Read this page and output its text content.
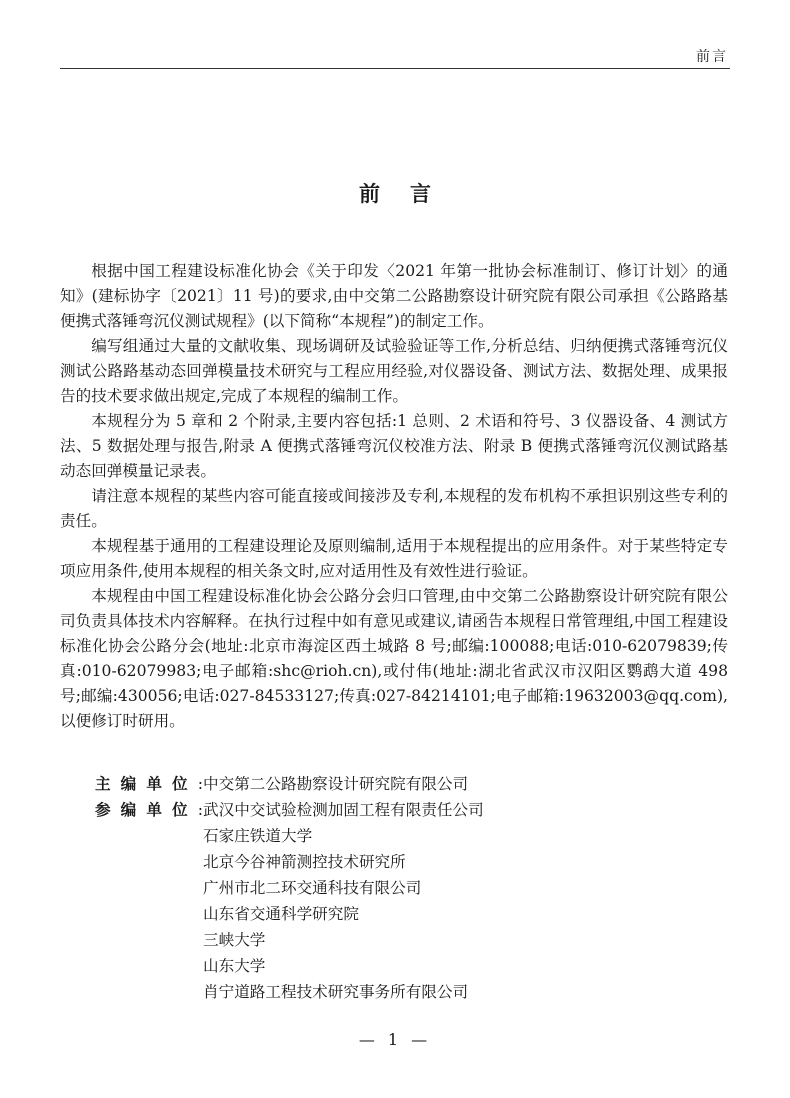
前言
前言

根据中国工程建设标准化协会《关于印发〈2021 年第一批协会标准制订、修订计划〉的通知》(建标协字〔2021〕11 号)的要求,由中交第二公路勘察设计研究院有限公司承担《公路路基便携式落锤弯沉仪测试规程》(以下简称“本规程”)的制定工作。

编写组通过大量的文献收集、现场调研及试验验证等工作,分析总结、归纳便携式落锤弯沉仪测试公路路基动态回弹模量技术研究与工程应用经验,对仪器设备、测试方法、数据处理、成果报告的技术要求做出规定,完成了本规程的编制工作。

本规程分为 5 章和 2 个附录,主要内容包括:1 总则、2 术语和符号、3 仪器设备、4 测试方法、5 数据处理与报告,附录 A 便携式落锤弯沉仪校准方法、附录 B 便携式落锤弯沉仪测试路基动态回弹模量记录表。

请注意本规程的某些内容可能直接或间接涉及专利,本规程的发布机构不承担识别这些专利的责任。

本规程基于通用的工程建设理论及原则编制,适用于本规程提出的应用条件。对于某些特定专项应用条件,使用本规程的相关条文时,应对适用性及有效性进行验证。

本规程由中国工程建设标准化协会公路分会归口管理,由中交第二公路勘察设计研究院有限公司负责具体技术内容解释。在执行过程中如有意见或建议,请函告本规程日常管理组,中国工程建设标准化协会公路分会(地址:北京市海淀区西土城路 8 号;邮编:100088;电话:010-62079839;传真:010-62079983;电子邮箱:shc@rioh.cn),或付伟(地址:湖北省武汉市汉阳区鹦鹉大道 498 号;邮编:430056;电话:027-84533127;传真:027-84214101;电子邮箱:19632003@qq.com),以便修订时研用。

主 编 单 位 : 中交第二公路勘察设计研究院有限公司
参 编 单 位 : 武汉中交试验检测加固工程有限责任公司
石家庄铁道大学
北京今谷神箭测控技术研究所
广州市北二环交通科技有限公司
山东省交通科学研究院
三峡大学
山东大学
肖宁道路工程技术研究事务所有限公司
— 1 —
